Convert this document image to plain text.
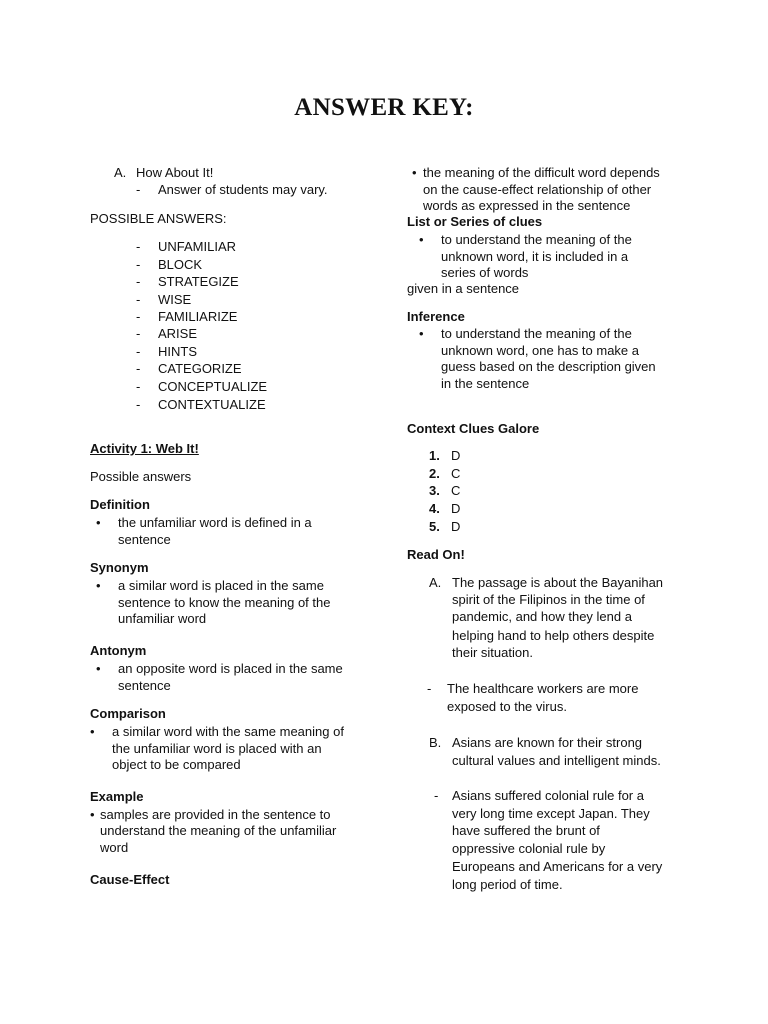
ANSWER KEY:
A. How About It!
- Answer of students may vary.
POSSIBLE ANSWERS:
- UNFAMILIAR
- BLOCK
- STRATEGIZE
- WISE
- FAMILIARIZE
- ARISE
- HINTS
- CATEGORIZE
- CONCEPTUALIZE
- CONTEXTUALIZE
Activity 1: Web It!
Possible answers
Definition
• the unfamiliar word is defined in a
sentence
Synonym
• a similar word is placed in the same
sentence to know the meaning of the
unfamiliar word
Antonym
• an opposite word is placed in the same
sentence
Comparison
• a similar word with the same meaning of
the unfamiliar word is placed with an
object to be compared
Example
• samples are provided in the sentence to
understand the meaning of the unfamiliar
word
Cause-Effect
• the meaning of the difficult word depends
on the cause-effect relationship of other
words as expressed in the sentence
List or Series of clues
• to understand the meaning of the
unknown word, it is included in a
series of words
given in a sentence
Inference
• to understand the meaning of the
unknown word, one has to make a
guess based on the description given
in the sentence
Context Clues Galore
1. D
2. C
3. C
4. D
5. D
Read On!
A. The passage is about the Bayanihan
spirit of the Filipinos in the time of
pandemic, and how they lend a
helping hand to help others despite
their situation.
- The healthcare workers are more
exposed to the virus.
B. Asians are known for their strong
cultural values and intelligent minds.
- Asians suffered colonial rule for a
very long time except Japan. They
have suffered the brunt of
oppressive colonial rule by
Europeans and Americans for a very
long period of time.
